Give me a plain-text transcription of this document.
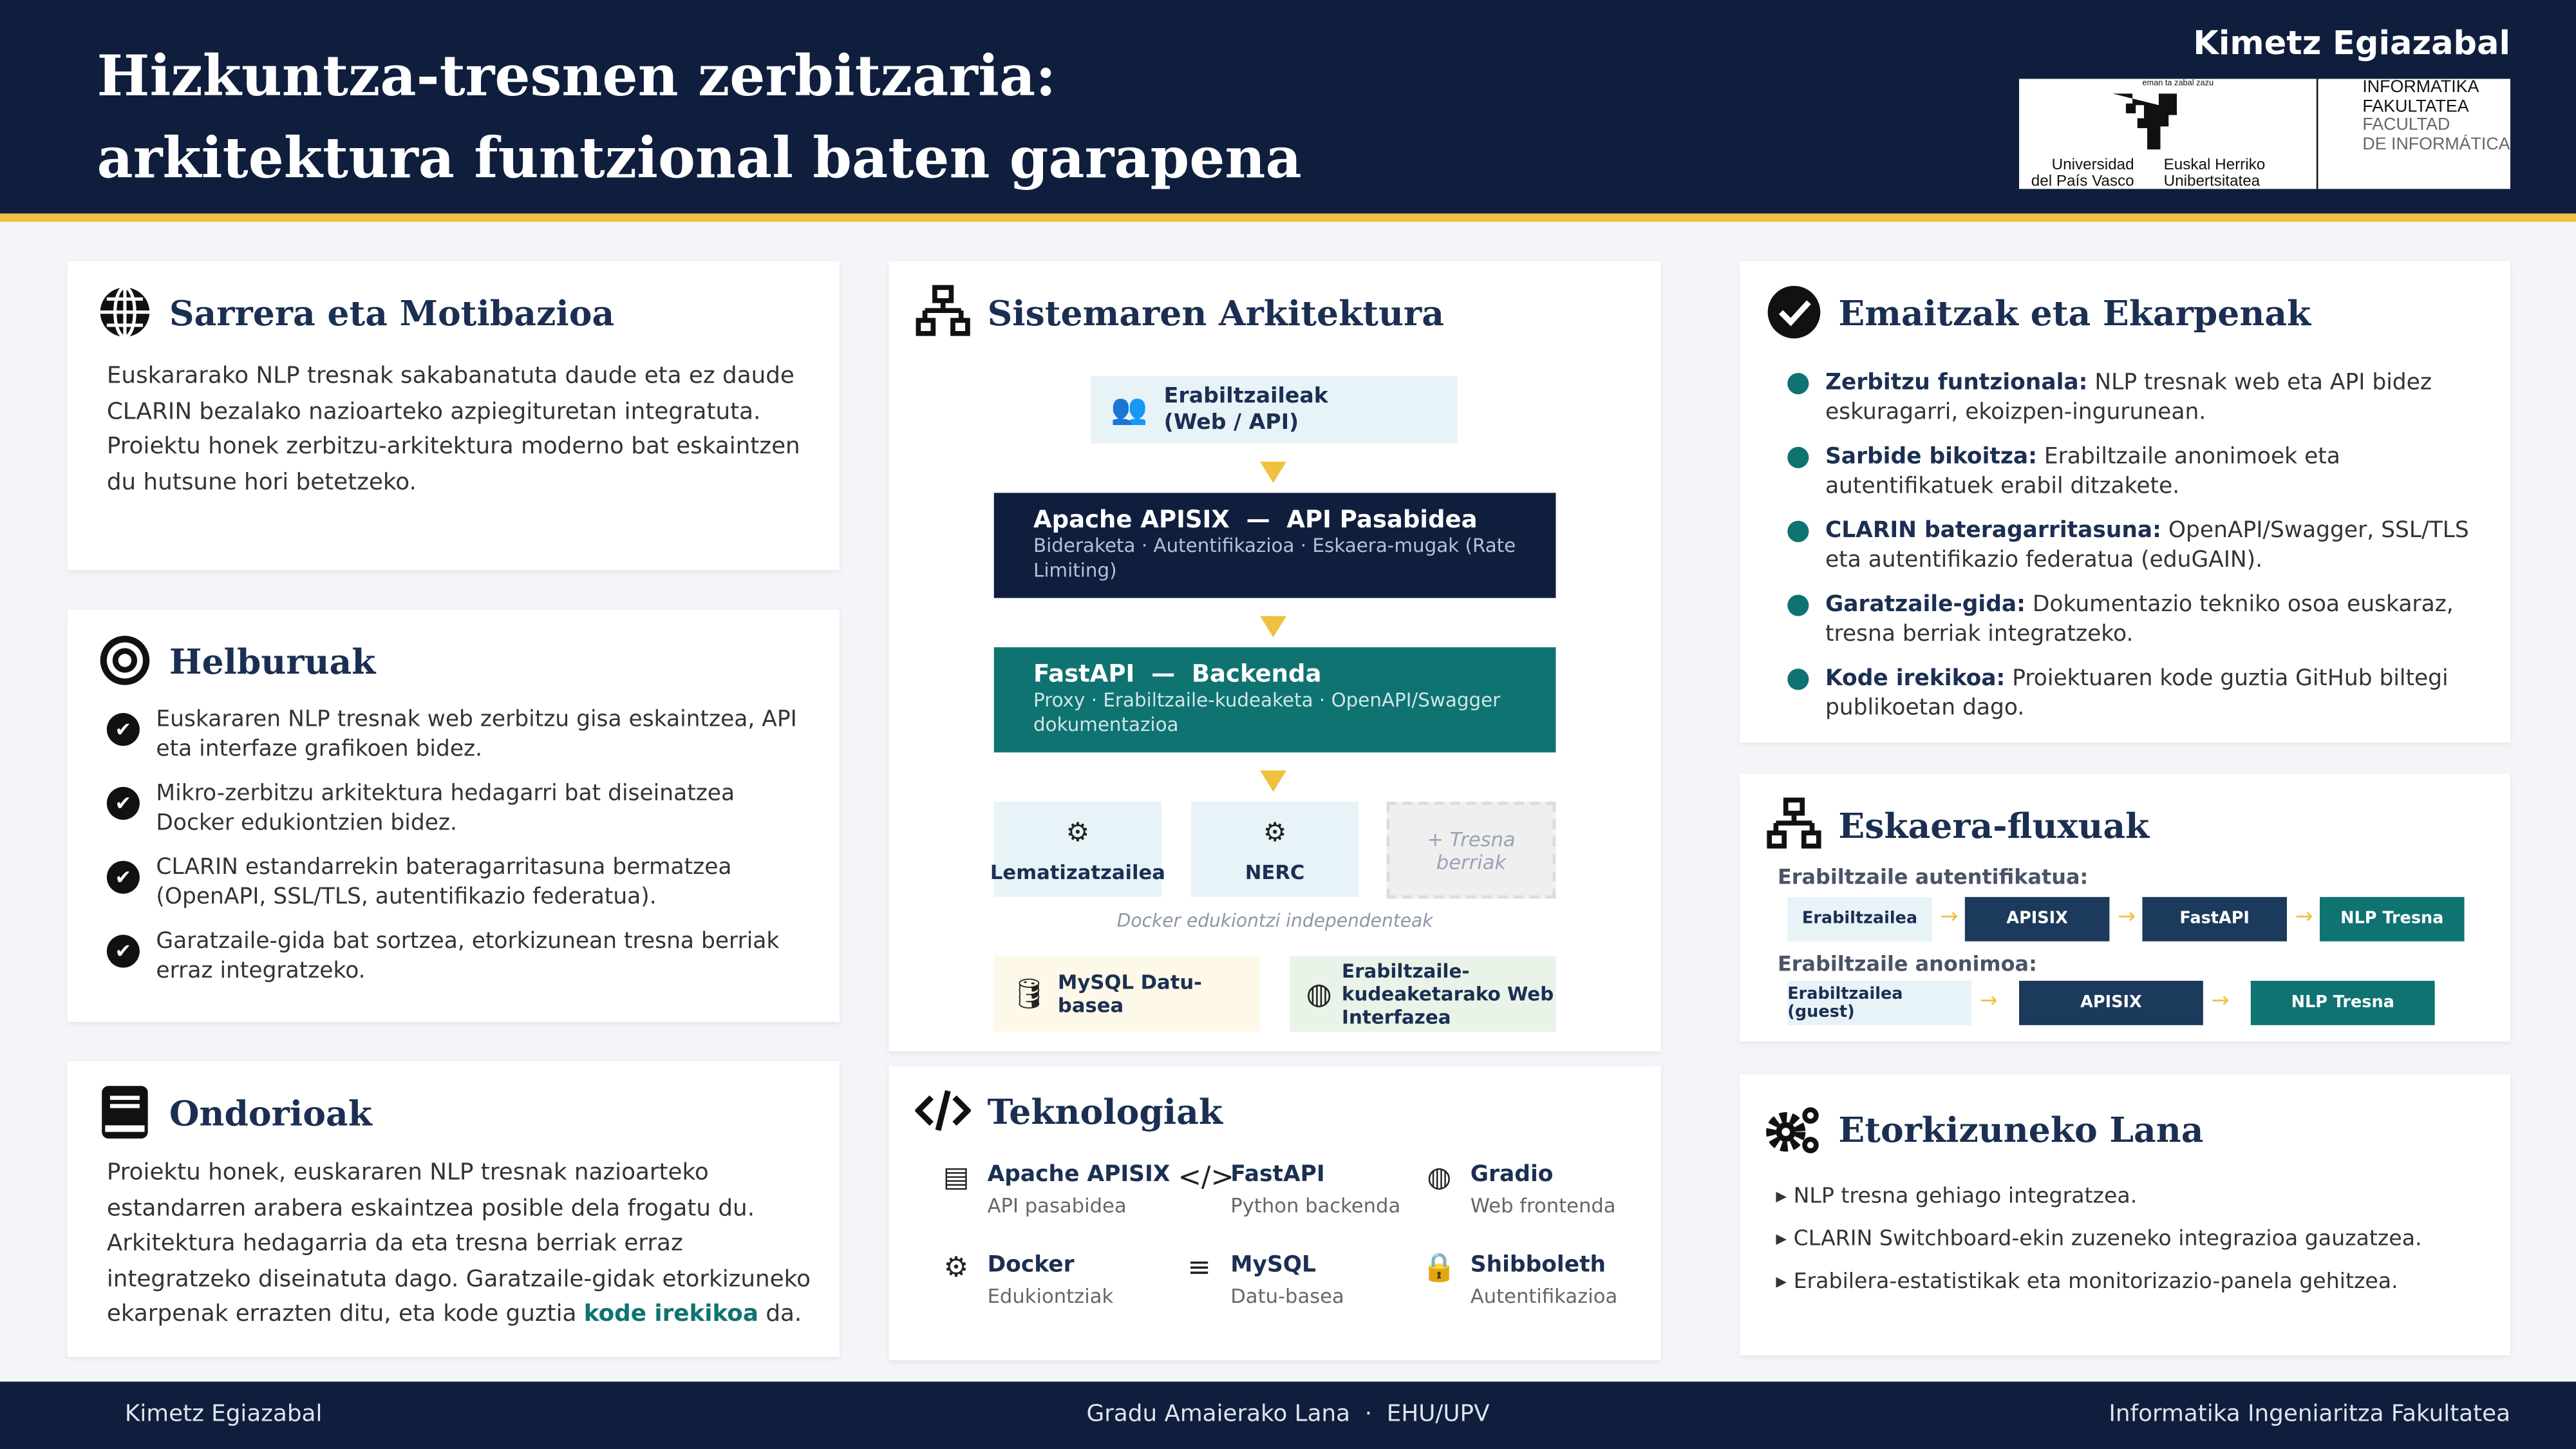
Hizkuntza-tresnen zerbitzaria:
arkitektura funtzional baten garapena
Kimetz Egiazabal
eman ta zabal zazu
Universidad
del País Vasco
Euskal Herriko
Unibertsitatea
INFORMATIKA
FAKULTATEA
FACULTAD
DE INFORMÁTICA
Sarrera eta Motibazioa
Euskararako NLP tresnak sakabanatuta daude eta ez daude CLARIN bezalako nazioarteko azpiegituretan integratuta. Proiektu honek zerbitzu-arkitektura moderno bat eskaintzen du hutsune hori betetzeko.
Helburuak
✔	Euskararen NLP tresnak web zerbitzu gisa eskaintzea, API eta interfaze grafikoen bidez.
✔	Mikro-zerbitzu arkitektura hedagarri bat diseinatzea Docker edukiontzien bidez.
✔	CLARIN estandarrekin bateragarritasuna bermatzea (OpenAPI, SSL/TLS, autentifikazio federatua).
✔	Garatzaile-gida bat sortzea, etorkizunean tresna berriak erraz integratzeko.
Ondorioak
Proiektu honek, euskararen NLP tresnak nazioarteko estandarren arabera eskaintzea posible dela frogatu du. Arkitektura hedagarria da eta tresna berriak erraz integratzeko diseinatuta dago. Garatzaile-gidak etorkizuneko ekarpenak errazten ditu, eta kode guztia kode irekikoa da.
Sistemaren Arkitektura
👥 Erabiltzaileak
(Web / API)
Apache APISIX  —  API Pasabidea
Bideraketa · Autentifikazioa · Eskaera-mugak (Rate Limiting)
FastAPI  —  Backenda
Proxy · Erabiltzaile-kudeaketa · OpenAPI/Swagger dokumentazioa
⚙
Lematizatzailea
⚙
NERC
+ Tresna berriak
Docker edukiontzi independenteak
🛢 MySQL Datu-basea	◍
Erabiltzaile-kudeaketarako Web Interfazea
Teknologiak
▤	Apache APISIX
API pasabidea
</>
FastAPI
Python backenda
◍	Gradio
Web frontenda
⚙	Docker
Edukiontziak
≡	MySQL
Datu-basea
🔒	Shibboleth
Autentifikazioa
Emaitzak eta Ekarpenak
Zerbitzu funtzionala: NLP tresnak web eta API bidez eskuragarri, ekoizpen-ingurunean.
Sarbide bikoitza: Erabiltzaile anonimoek eta autentifikatuek erabil ditzakete.
CLARIN bateragarritasuna: OpenAPI/Swagger, SSL/TLS eta autentifikazio federatua (eduGAIN).
Garatzaile-gida: Dokumentazio tekniko osoa euskaraz, tresna berriak integratzeko.
Kode irekikoa: Proiektuaren kode guztia GitHub biltegi publikoetan dago.
Eskaera-fluxuak
Erabiltzaile autentifikatua:
Erabiltzaile anonimoa:
Erabiltzailea	→	APISIX	→	FastAPI	→	NLP Tresna
Erabiltzailea (guest)	→	APISIX	→	NLP Tresna
Etorkizuneko Lana
▸ NLP tresna gehiago integratzea.
▸ CLARIN Switchboard-ekin zuzeneko integrazioa gauzatzea.
▸ Erabilera-estatistikak eta monitorizazio-panela gehitzea.
Kimetz Egiazabal	Gradu Amaierako Lana  ·  EHU/UPV	Informatika Ingeniaritza Fakultatea
